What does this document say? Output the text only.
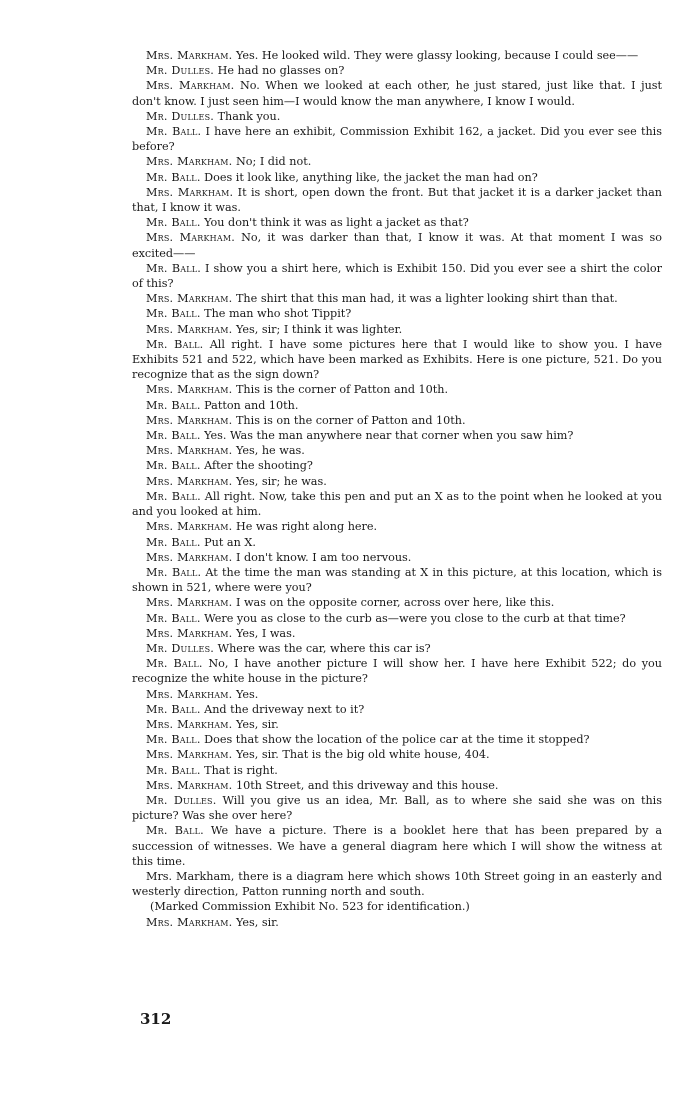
Mrs. Markham. Yes. He looked wild. They were glassy looking, because I could see——

Mr. Dulles. He had no glasses on?

Mrs. Markham. No. When we looked at each other, he just stared, just like that. I just don't know. I just seen him—I would know the man anywhere, I know I would.

Mr. Dulles. Thank you.

Mr. Ball. I have here an exhibit, Commission Exhibit 162, a jacket. Did you ever see this before?

Mrs. Markham. No; I did not.

Mr. Ball. Does it look like, anything like, the jacket the man had on?

Mrs. Markham. It is short, open down the front. But that jacket it is a darker jacket than that, I know it was.

Mr. Ball. You don't think it was as light a jacket as that?

Mrs. Markham. No, it was darker than that, I know it was. At that moment I was so excited——

Mr. Ball. I show you a shirt here, which is Exhibit 150. Did you ever see a shirt the color of this?

Mrs. Markham. The shirt that this man had, it was a lighter looking shirt than that.

Mr. Ball. The man who shot Tippit?

Mrs. Markham. Yes, sir; I think it was lighter.

Mr. Ball. All right. I have some pictures here that I would like to show you. I have Exhibits 521 and 522, which have been marked as Exhibits. Here is one picture, 521. Do you recognize that as the sign down?

Mrs. Markham. This is the corner of Patton and 10th.

Mr. Ball. Patton and 10th.

Mrs. Markham. This is on the corner of Patton and 10th.

Mr. Ball. Yes. Was the man anywhere near that corner when you saw him?

Mrs. Markham. Yes, he was.

Mr. Ball. After the shooting?

Mrs. Markham. Yes, sir; he was.

Mr. Ball. All right. Now, take this pen and put an X as to the point when he looked at you and you looked at him.

Mrs. Markham. He was right along here.

Mr. Ball. Put an X.

Mrs. Markham. I don't know. I am too nervous.

Mr. Ball. At the time the man was standing at X in this picture, at this location, which is shown in 521, where were you?

Mrs. Markham. I was on the opposite corner, across over here, like this.

Mr. Ball. Were you as close to the curb as—were you close to the curb at that time?

Mrs. Markham. Yes, I was.

Mr. Dulles. Where was the car, where this car is?

Mr. Ball. No, I have another picture I will show her. I have here Exhibit 522; do you recognize the white house in the picture?

Mrs. Markham. Yes.

Mr. Ball. And the driveway next to it?

Mrs. Markham. Yes, sir.

Mr. Ball. Does that show the location of the police car at the time it stopped?

Mrs. Markham. Yes, sir. That is the big old white house, 404.

Mr. Ball. That is right.

Mrs. Markham. 10th Street, and this driveway and this house.

Mr. Dulles. Will you give us an idea, Mr. Ball, as to where she said she was on this picture? Was she over here?

Mr. Ball. We have a picture. There is a booklet here that has been prepared by a succession of witnesses. We have a general diagram here which I will show the witness at this time.

Mrs. Markham, there is a diagram here which shows 10th Street going in an easterly and westerly direction, Patton running north and south.

(Marked Commission Exhibit No. 523 for identification.)

Mrs. Markham. Yes, sir.

312
